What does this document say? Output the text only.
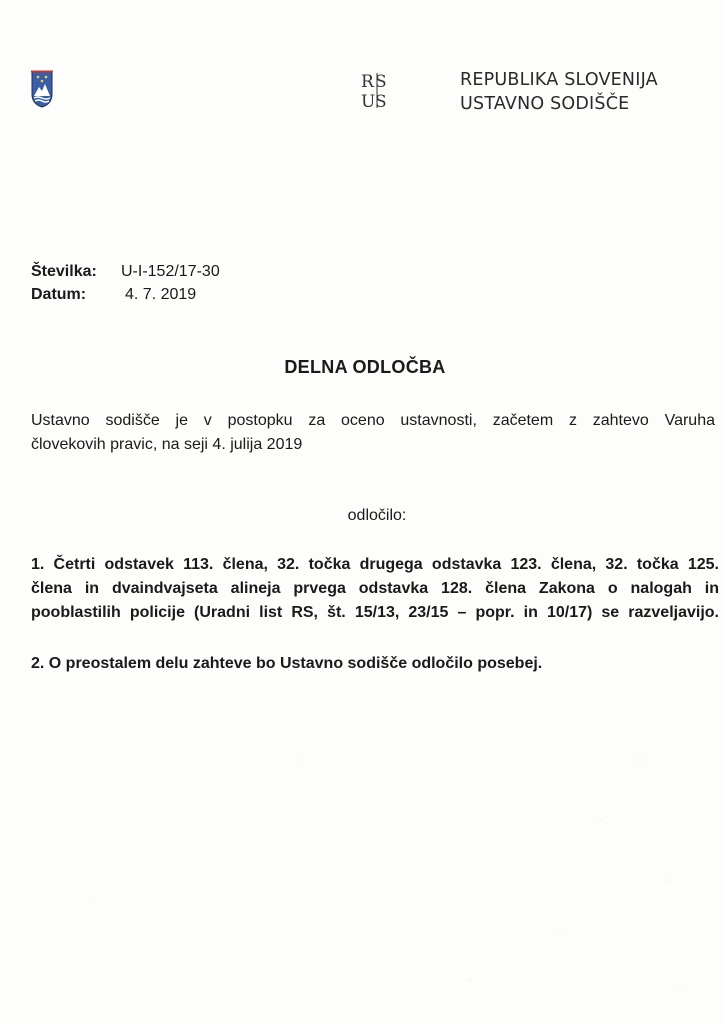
R S
U S
REPUBLIKA SLOVENIJA
USTAVNO SODIŠČE
Številka: U-I-152/17-30
Datum: 4. 7. 2019
DELNA ODLOČBA
Ustavno sodišče je v postopku za oceno ustavnosti, začetem z zahtevo Varuha
človekovih pravic, na seji 4. julija 2019
odločilo:
1. Četrti odstavek 113. člena, 32. točka drugega odstavka 123. člena, 32. točka 125.
člena in dvaindvajseta alineja prvega odstavka 128. člena Zakona o nalogah in
pooblastilih policije (Uradni list RS, št. 15/13, 23/15 – popr. in 10/17) se razveljavijo.
2. O preostalem delu zahteve bo Ustavno sodišče odločilo posebej.
